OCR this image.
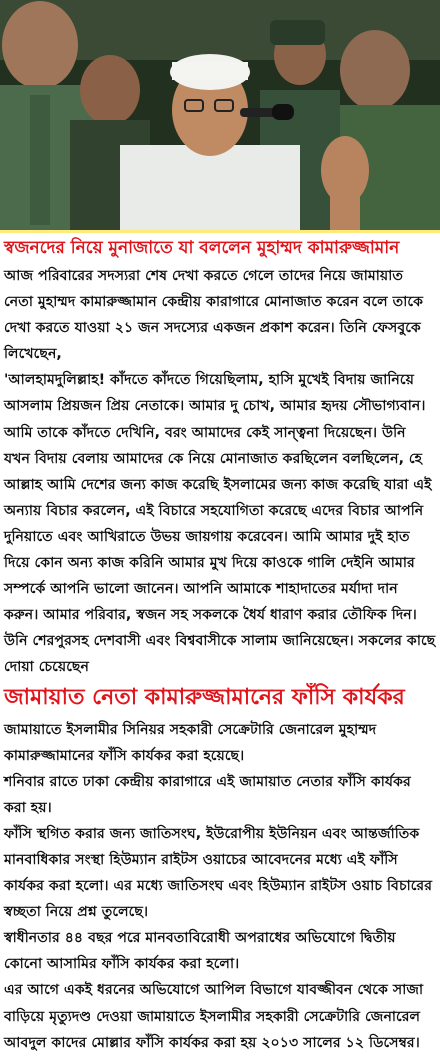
স্বজনদের নিয়ে মুনাজাতে যা বললেন মুহাম্মদ কামারুজ্জামান

আজ পরিবারের সদস্যরা শেষ দেখা করতে গেলে তাদের নিয়ে জামায়াত নেতা মুহাম্মদ কামারুজ্জামান কেন্দ্রীয় কারাগারে মোনাজাত করেন বলে তাকে দেখা করতে যাওয়া ২১ জন সদস্যের একজন প্রকাশ করেন। তিনি ফেসবুকে লিখেছেন,

'আলহামদুলিল্লাহ! কাঁদতে কাঁদতে গিয়েছিলাম, হাসি মুখেই বিদায় জানিয়ে আসলাম প্রিয়জন প্রিয় নেতাকে। আমার দু চোখ, আমার হৃদয় সৌভাগ্যবান। আমি তাকে কাঁদতে দেখিনি, বরং আমাদের কেই সান্ত্বনা দিয়েছেন। উনি যখন বিদায় বেলায় আমাদের কে নিয়ে মোনাজাত করছিলেন বলছিলেন, হে আল্লাহ আমি দেশের জন্য কাজ করেছি ইসলামের জন্য কাজ করেছি যারা এই অন্যায় বিচার করলেন, এই বিচারে সহযোগিতা করেছে এদের বিচার আপনি দুনিয়াতে এবং আখিরাতে উভয় জায়গায় করেবেন। আমি আমার দুই হাত দিয়ে কোন অন্য কাজ করিনি আমার মুখ দিয়ে কাওকে গালি দেইনি আমার সম্পর্কে আপনি ভালো জানেন। আপনি আমাকে শাহাদাতের মর্যাদা দান করুন। আমার পরিবার, স্বজন সহ সকলকে ধৈর্য ধারাণ করার তৌফিক দিন। উনি শেরপুরসহ দেশবাসী এবং বিশ্ববাসীকে সালাম জানিয়েছেন। সকলের কাছে দোয়া চেয়েছেন

জামায়াত নেতা কামারুজ্জামানের ফাঁসি কার্যকর

জামায়াতে ইসলামীর সিনিয়র সহকারী সেক্রেটারি জেনারেল মুহাম্মদ কামারুজ্জামানের ফাঁসি কার্যকর করা হয়েছে।

শনিবার রাতে ঢাকা কেন্দ্রীয় কারাগারে এই জামায়াত নেতার ফাঁসি কার্যকর করা হয়।

ফাঁসি স্থগিত করার জন্য জাতিসংঘ, ইউরোপীয় ইউনিয়ন এবং আন্তর্জাতিক মানবাধিকার সংস্থা হিউম্যান রাইটস ওয়াচের আবেদনের মধ্যে এই ফাঁসি কার্যকর করা হলো। এর মধ্যে জাতিসংঘ এবং হিউম্যান রাইটস ওয়াচ বিচারের স্বচ্ছতা নিয়ে প্রশ্ন তুলেছে।

স্বাধীনতার ৪৪ বছর পরে মানবতাবিরোধী অপরাধের অভিযোগে দ্বিতীয় কোনো আসামির ফাঁসি কার্যকর করা হলো।

এর আগে একই ধরনের অভিযোগে আপিল বিভাগে যাবজ্জীবন থেকে সাজা বাড়িয়ে মৃত্যুদণ্ড দেওয়া জামায়াতে ইসলামীর সহকারী সেক্রেটারি জেনারেল আবদুল কাদের মোল্লার ফাঁসি কার্যকর করা হয় ২০১৩ সালের ১২ ডিসেম্বর।
